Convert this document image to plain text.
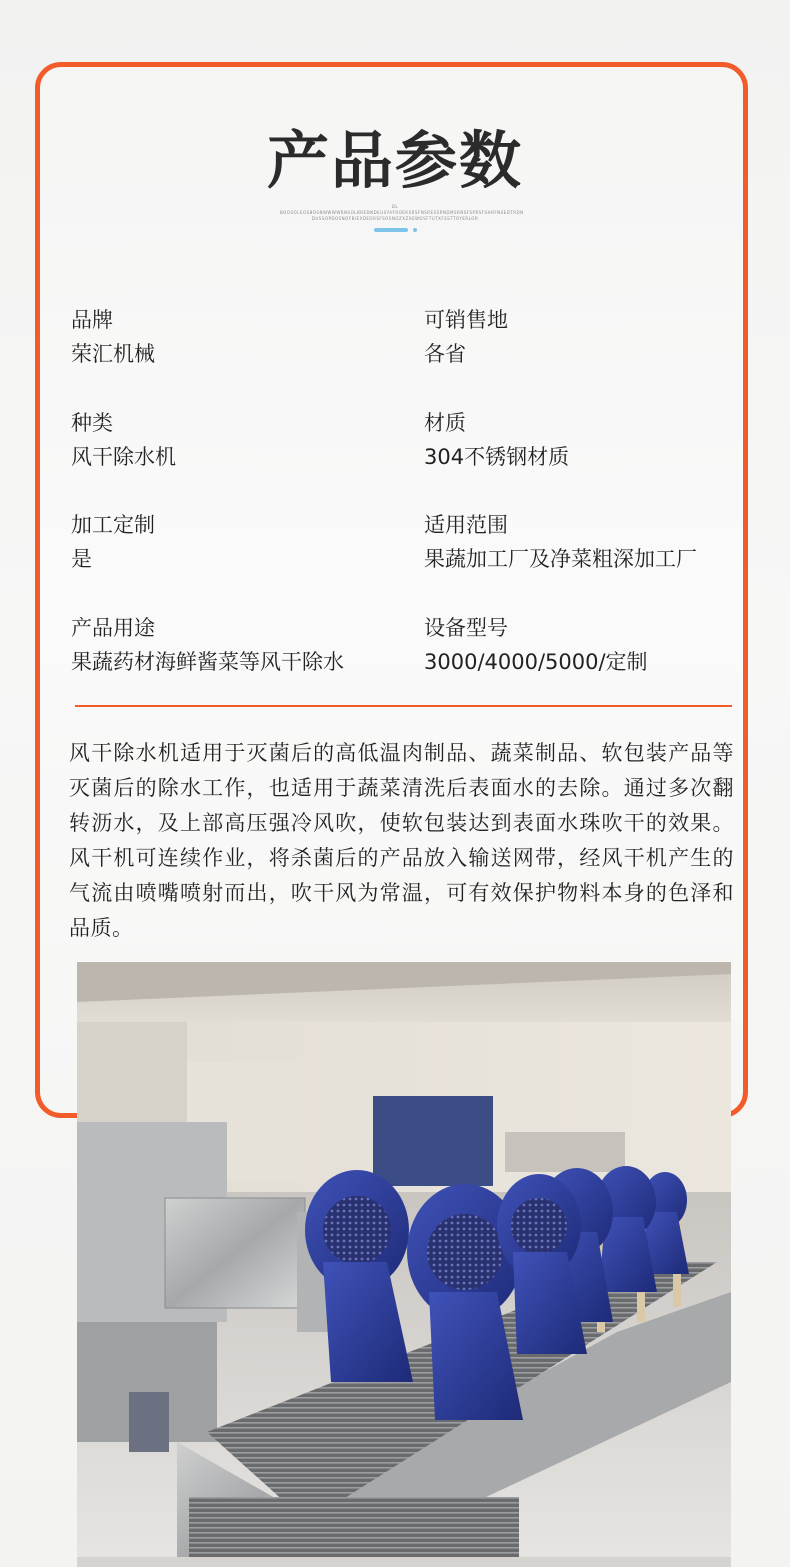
产品参数
DL BOOSOLEOSBOSNWWWWRNSOLBREDNDEUSYAFROERSRSFNSRESSRNDMSRNSFSPRSFSHRFNSEDTRDN DUSSOPDOSNOFBIEXDEORSFSOSNOZXZXEWOSFTUTXFSSTTOYERLOR
品牌
荣汇机械
可销售地
各省
种类
风干除水机
材质
304不锈钢材质
加工定制
是
适用范围
果蔬加工厂及净菜粗深加工厂
产品用途
果蔬药材海鲜酱菜等风干除水
设备型号
3000/4000/5000/定制
风干除水机适用于灭菌后的高低温肉制品、蔬菜制品、软包装产品等灭菌后的除水工作，也适用于蔬菜清洗后表面水的去除。通过多次翻转沥水，及上部高压强冷风吹，使软包装达到表面水珠吹干的效果。风干机可连续作业，将杀菌后的产品放入输送网带，经风干机产生的气流由喷嘴喷射而出，吹干风为常温，可有效保护物料本身的色泽和品质。
